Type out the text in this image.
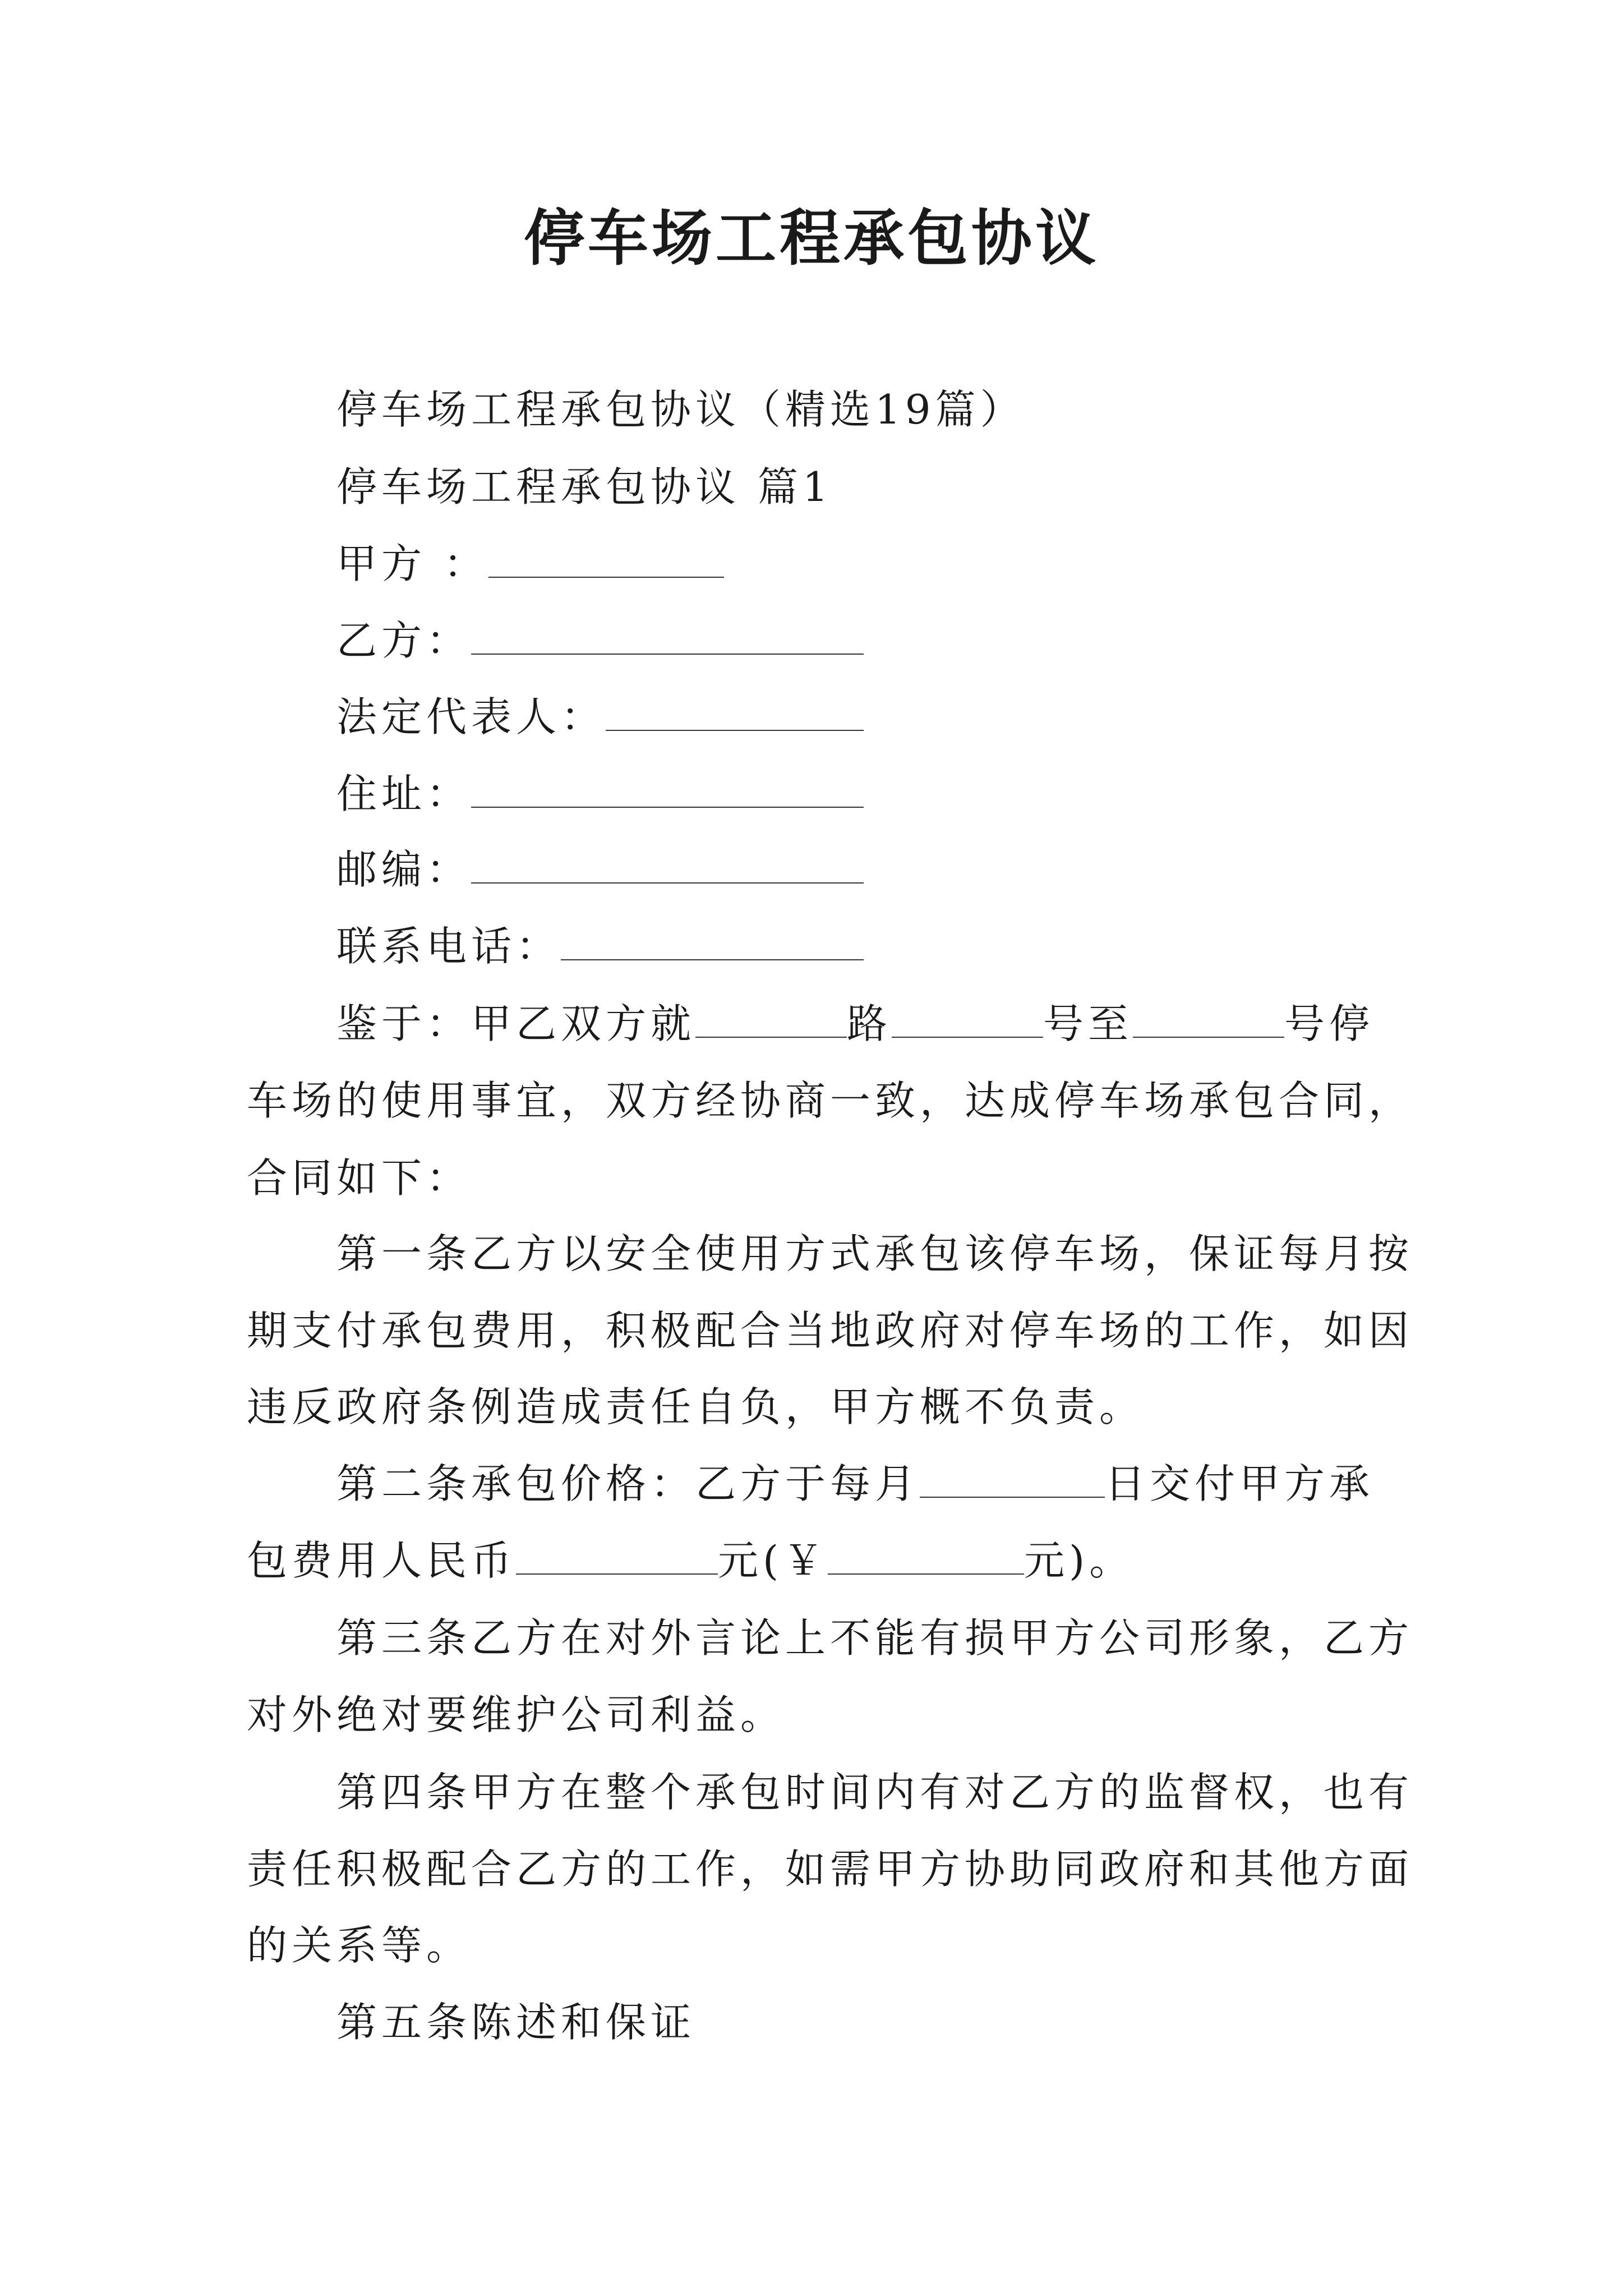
停车场工程承包协议
停车场工程承包协议（精选19篇）
停车场工程承包协议 篇1
甲方 ：
乙方：
法定代表人：
住址：
邮编：
联系电话：
鉴于：甲乙双方就	路	号至	号停
车场的使用事宜，双方经协商一致，达成停车场承包合同，
合同如下：
第一条乙方以安全使用方式承包该停车场，保证每月按
期支付承包费用，积极配合当地政府对停车场的工作，如因
违反政府条例造成责任自负，甲方概不负责。
第二条承包价格：乙方于每月	日交付甲方承
包费用人民币	元(￥	元)。
第三条乙方在对外言论上不能有损甲方公司形象，乙方
对外绝对要维护公司利益。
第四条甲方在整个承包时间内有对乙方的监督权，也有
责任积极配合乙方的工作，如需甲方协助同政府和其他方面
的关系等。
第五条陈述和保证
